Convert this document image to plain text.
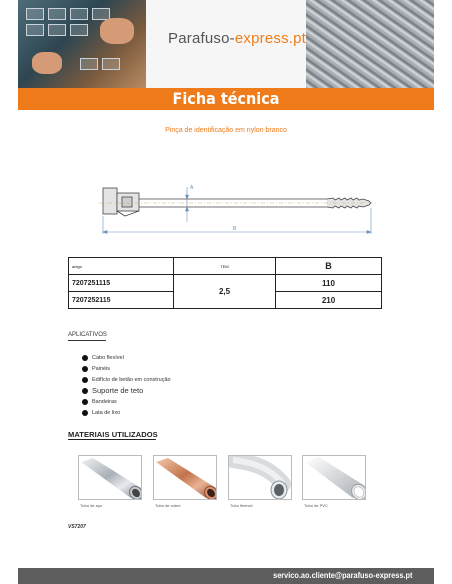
Parafuso-express.pt
Ficha técnica
Pinça de identificação em nylon branco
A
B
artigo	TEM	B
7207251115	2,5	110
7207252115		210
APLICATIVOS
Cabo flexível
Painéis
Edifício de betão em construção
Suporte de teto
Bandeiras
Lata de lixo
MATERIAIS UTILIZADOS
Tubo de aço	Tubo de cobre	Tubo flexível	Tubo de PVC
VS7207
servico.ao.cliente@parafuso-express.pt
